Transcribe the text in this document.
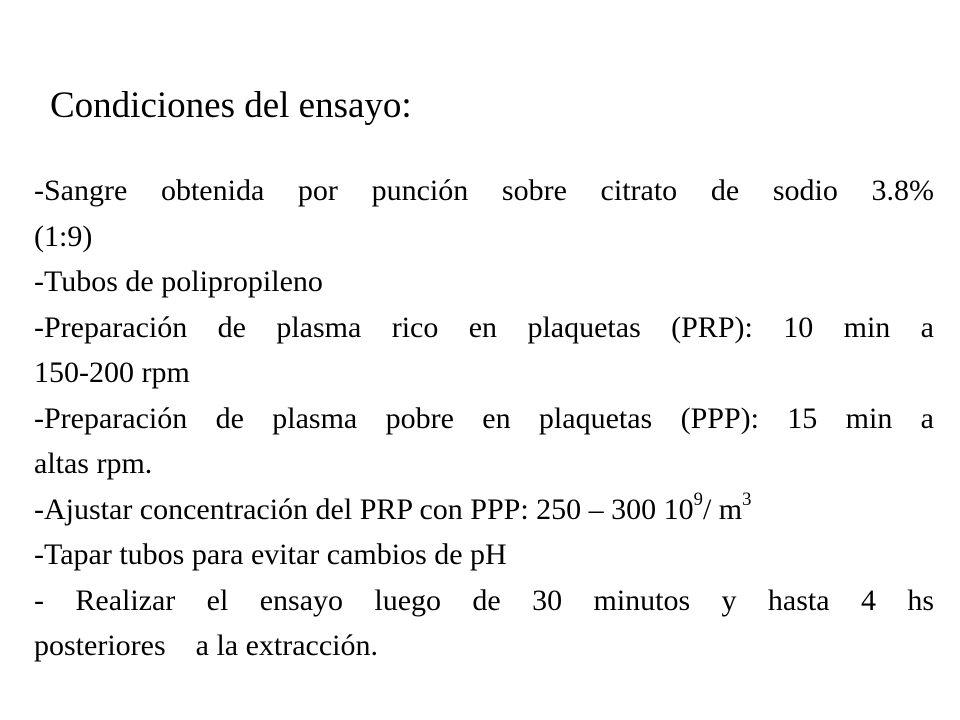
Condiciones del ensayo:
-Sangre obtenida por punción sobre citrato de sodio 3.8%
(1:9)
-Tubos de polipropileno
-Preparación de plasma rico en plaquetas (PRP): 10 min a
150-200 rpm
-Preparación de plasma pobre en plaquetas (PPP): 15 min a
altas rpm.
-Ajustar concentración del PRP con PPP: 250 – 300 $10^9/$ $m^3$
-Tapar tubos para evitar cambios de pH
- Realizar el ensayo luego de 30 minutos y hasta 4 hs
posteriores    a la extracción.
